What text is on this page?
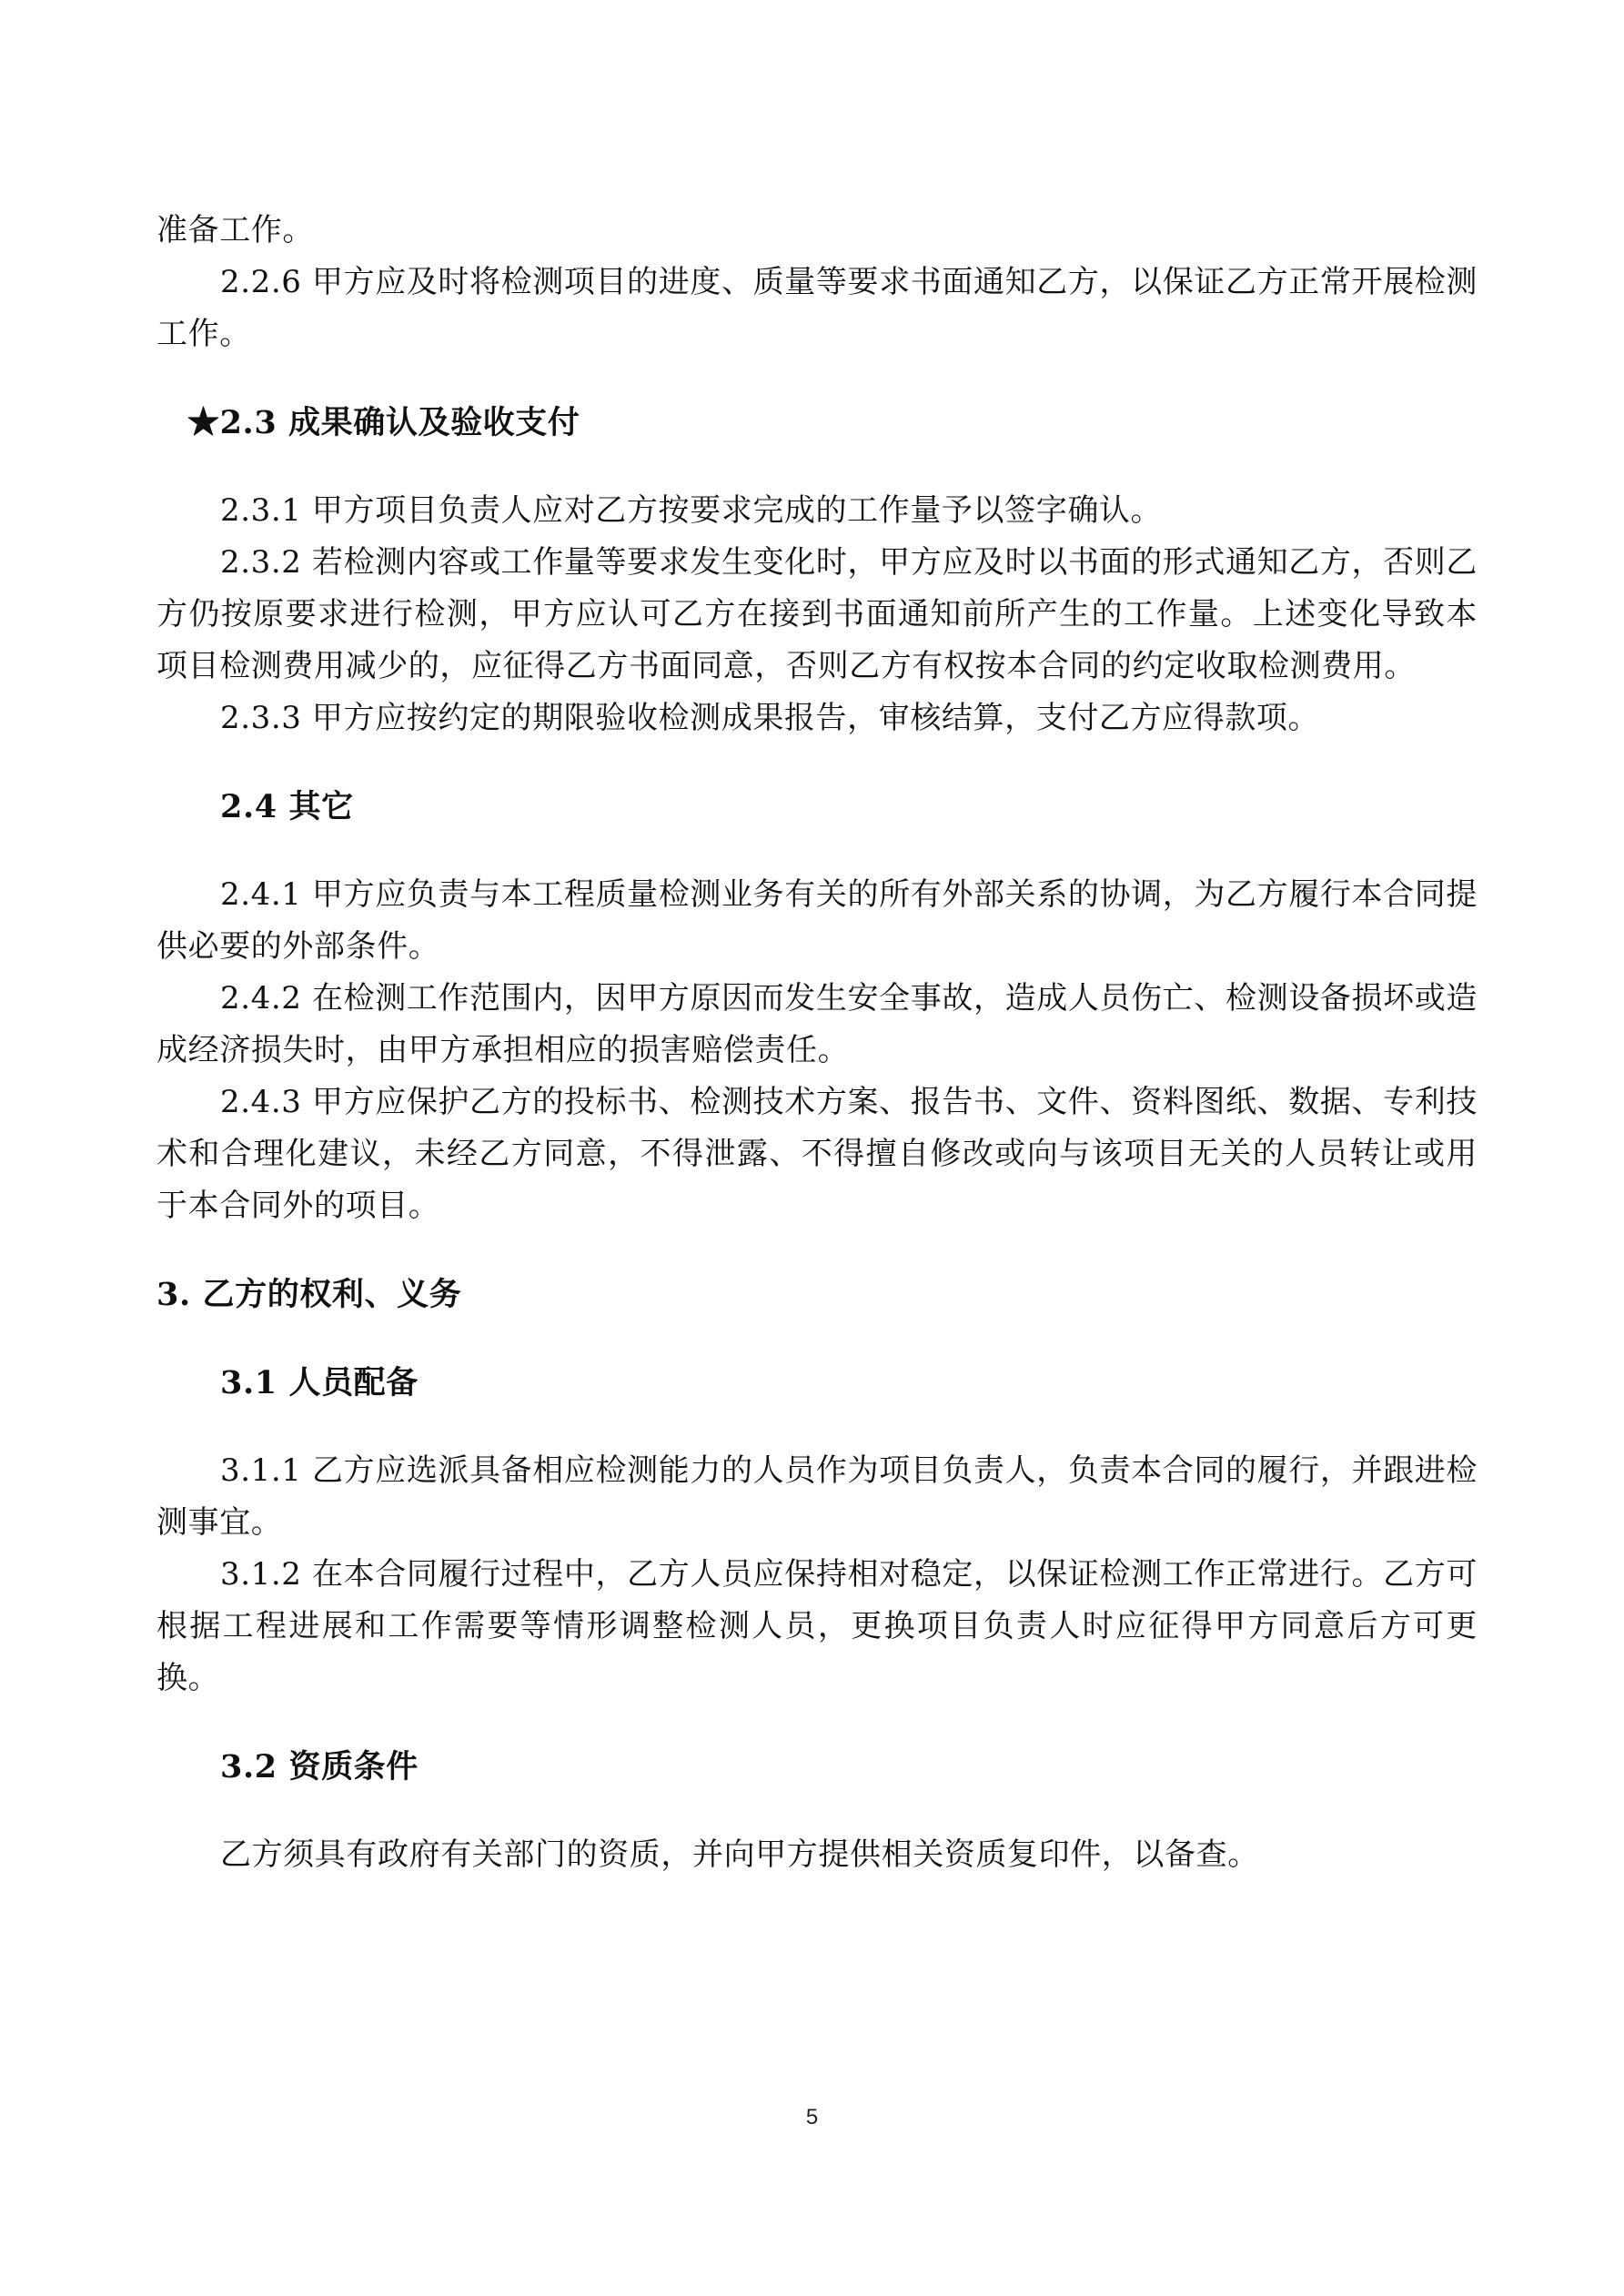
准备工作。

2.2.6 甲方应及时将检测项目的进度、质量等要求书面通知乙方，以保证乙方正常开展检测工作。

★2.3 成果确认及验收支付

2.3.1 甲方项目负责人应对乙方按要求完成的工作量予以签字确认。

2.3.2 若检测内容或工作量等要求发生变化时，甲方应及时以书面的形式通知乙方，否则乙方仍按原要求进行检测，甲方应认可乙方在接到书面通知前所产生的工作量。上述变化导致本项目检测费用减少的，应征得乙方书面同意，否则乙方有权按本合同的约定收取检测费用。

2.3.3 甲方应按约定的期限验收检测成果报告，审核结算，支付乙方应得款项。

2.4 其它

2.4.1 甲方应负责与本工程质量检测业务有关的所有外部关系的协调，为乙方履行本合同提供必要的外部条件。

2.4.2 在检测工作范围内，因甲方原因而发生安全事故，造成人员伤亡、检测设备损坏或造成经济损失时，由甲方承担相应的损害赔偿责任。

2.4.3 甲方应保护乙方的投标书、检测技术方案、报告书、文件、资料图纸、数据、专利技术和合理化建议，未经乙方同意，不得泄露、不得擅自修改或向与该项目无关的人员转让或用于本合同外的项目。

3. 乙方的权利、义务

3.1 人员配备

3.1.1 乙方应选派具备相应检测能力的人员作为项目负责人，负责本合同的履行，并跟进检测事宜。

3.1.2 在本合同履行过程中，乙方人员应保持相对稳定，以保证检测工作正常进行。乙方可根据工程进展和工作需要等情形调整检测人员，更换项目负责人时应征得甲方同意后方可更换。

3.2 资质条件

乙方须具有政府有关部门的资质，并向甲方提供相关资质复印件，以备查。

5
